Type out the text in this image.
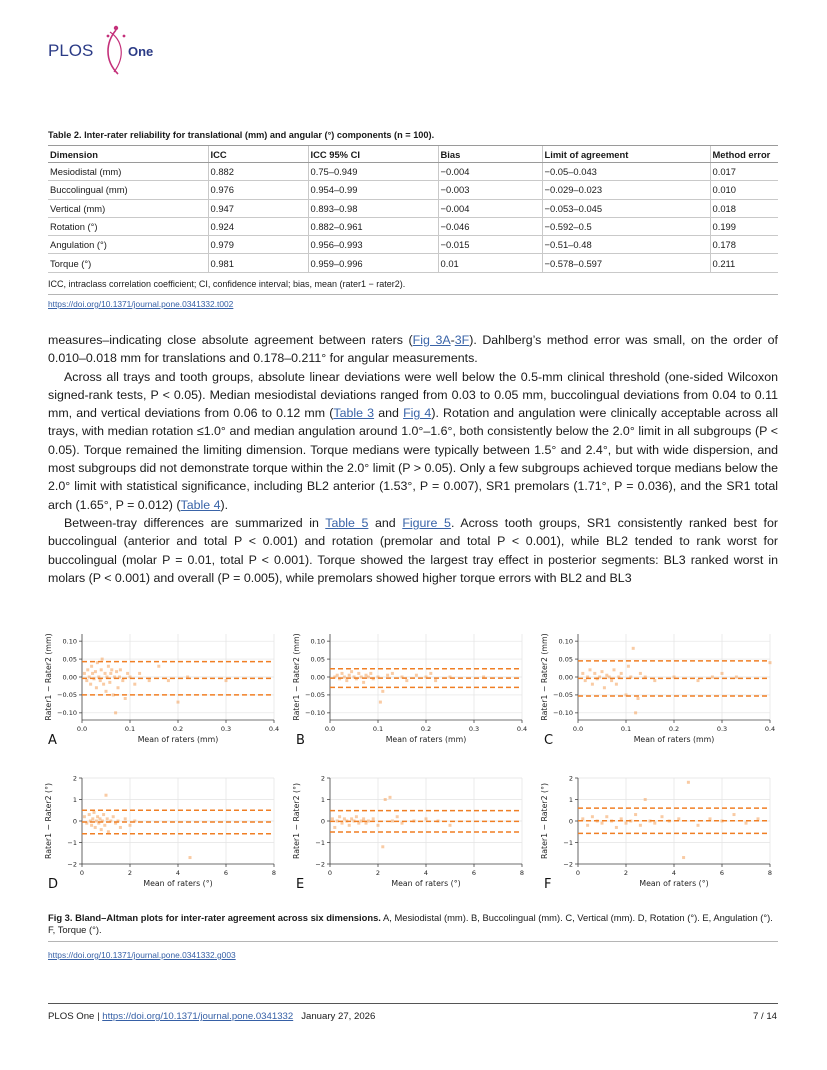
PLOS	One
Table 2. Inter-rater reliability for translational (mm) and angular (°) components (n = 100).
Dimension	ICC	ICC 95% CI	Bias	Limit of agreement	Method error
Mesiodistal (mm)	0.882	0.75–0.949	−0.004	−0.05–0.043	0.017
Buccolingual (mm)	0.976	0.954–0.99	−0.003	−0.029–0.023	0.010
Vertical (mm)	0.947	0.893–0.98	−0.004	−0.053–0.045	0.018
Rotation (°)	0.924	0.882–0.961	−0.046	−0.592–0.5	0.199
Angulation (°)	0.979	0.956–0.993	−0.015	−0.51–0.48	0.178
Torque (°)	0.981	0.959–0.996	0.01	−0.578–0.597	0.211
ICC, intraclass correlation coefficient; CI, confidence interval; bias, mean (rater1 − rater2).
https://doi.org/10.1371/journal.pone.0341332.t002

measures–indicating close absolute agreement between raters (Fig 3A-3F). Dahlberg’s method error was small, on the order of 0.010–0.018 mm for translations and 0.178–0.211° for angular measurements.

Across all trays and tooth groups, absolute linear deviations were well below the 0.5-mm clinical threshold (one-sided Wilcoxon signed-rank tests, P < 0.05). Median mesiodistal deviations ranged from 0.03 to 0.05 mm, buccolingual deviations from 0.04 to 0.11 mm, and vertical deviations from 0.06 to 0.12 mm (Table 3 and Fig 4). Rotation and angulation were clinically acceptable across all trays, with median rotation ≤1.0° and median angulation around 1.0°–1.6°, both consistently below the 2.0° limit in all subgroups (P < 0.05). Torque remained the limiting dimension. Torque medians were typically between 1.5° and 2.4°, but with wide dispersion, and most subgroups did not demonstrate torque within the 2.0° limit (P > 0.05). Only a few subgroups achieved torque medians below the 2.0° limit with statistical significance, including BL2 anterior (1.53°, P = 0.007), SR1 premolars (1.71°, P = 0.036), and the SR1 total arch (1.65°, P = 0.012) (Table 4).

Between-tray differences are summarized in Table 5 and Figure 5. Across tooth groups, SR1 consistently ranked best for buccolingual (anterior and total P < 0.001) and rotation (premolar and total P < 0.001), while BL2 tended to rank worst for buccolingual (molar P = 0.01, total P < 0.001). Torque showed the largest tray effect in posterior segments: BL3 ranked worst in molars (P < 0.001) and overall (P = 0.005), while premolars showed higher torque errors with BL2 and BL3

0.0	0.1	0.2	0.3	0.4
−0.10
−0.05
0.00
0.05
0.10
Mean of raters (mm)
Rater1 − Rater2 (mm)
A
0.0	0.1	0.2	0.3	0.4
−0.10
−0.05
0.00
0.05
0.10
Mean of raters (mm)
Rater1 − Rater2 (mm)
B
0.0	0.1	0.2	0.3	0.4
−0.10
−0.05
0.00
0.05
0.10
Mean of raters (mm)
Rater1 − Rater2 (mm)
C
0	2	4	6	8
−2
−1
0
1
2
Mean of raters (°)
Rater1 − Rater2 (°)
D
0	2	4	6	8
−2
−1
0
1
2
Mean of raters (°)
Rater1 − Rater2 (°)
E
0	2	4	6	8
−2
−1
0
1
2
Mean of raters (°)
Rater1 − Rater2 (°)
F
Fig 3. Bland–Altman plots for inter-rater agreement across six dimensions. A, Mesiodistal (mm). B, Buccolingual (mm). C, Vertical (mm). D, Rotation (°). E, Angulation (°). F, Torque (°).
https://doi.org/10.1371/journal.pone.0341332.g003
PLOS One | https://doi.org/10.1371/journal.pone.0341332 January 27, 2026	7 / 14
